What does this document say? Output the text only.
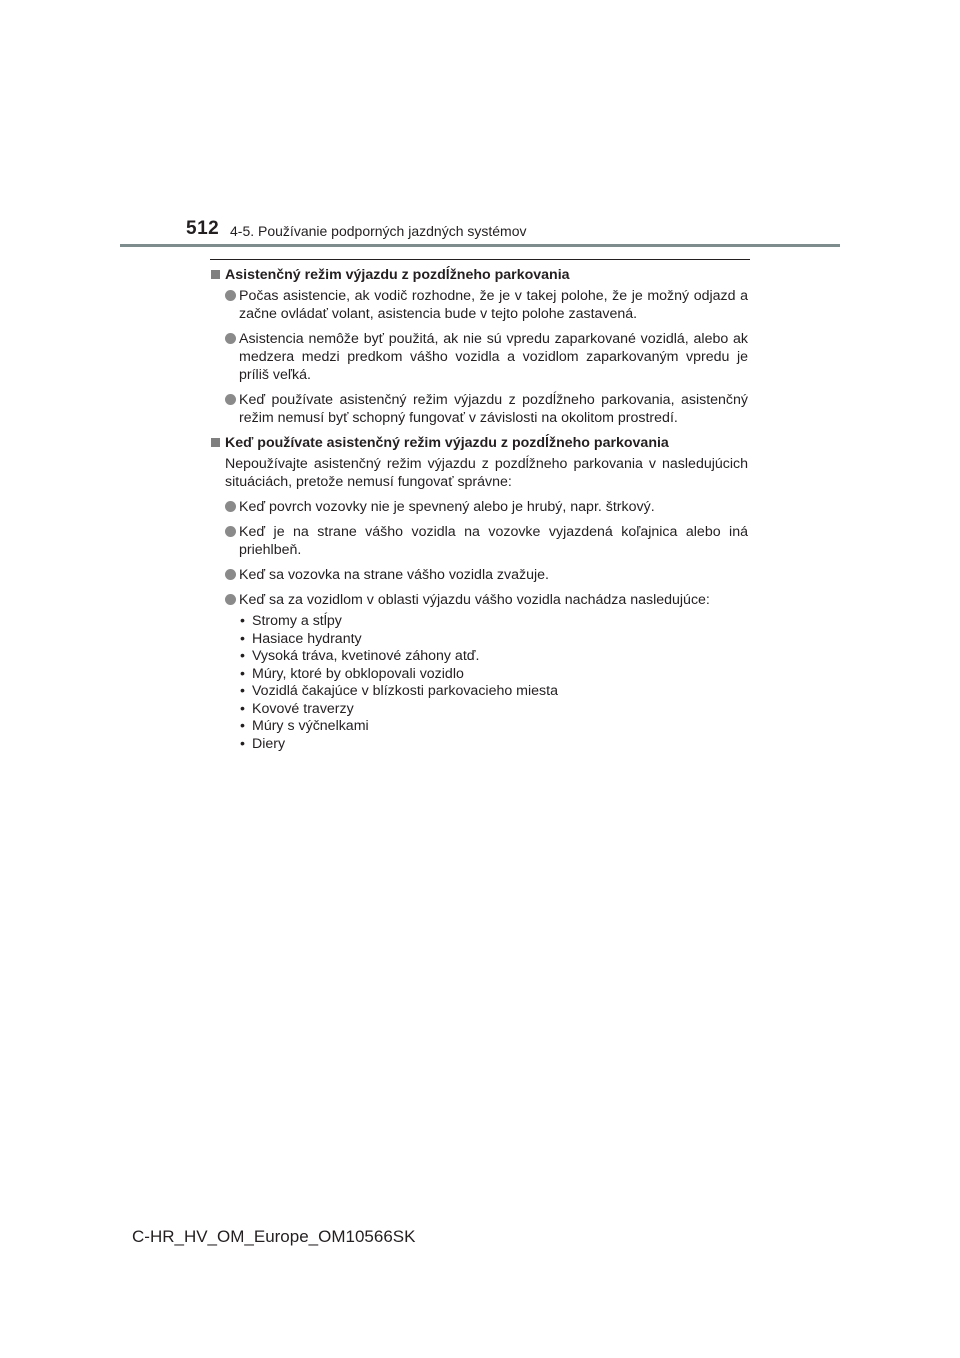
512 4-5. Používanie podporných jazdných systémov
Asistenčný režim výjazdu z pozdĺžneho parkovania
Počas asistencie, ak vodič rozhodne, že je v takej polohe, že je možný odjazd a začne ovládať volant, asistencia bude v tejto polohe zastavená.
Asistencia nemôže byť použitá, ak nie sú vpredu zaparkované vozidlá, alebo ak medzera medzi predkom vášho vozidla a vozidlom zaparkovaným vpredu je príliš veľká.
Keď používate asistenčný režim výjazdu z pozdĺžneho parkovania, asistenčný režim nemusí byť schopný fungovať v závislosti na okolitom prostredí.
Keď používate asistenčný režim výjazdu z pozdĺžneho parkovania
Nepoužívajte asistenčný režim výjazdu z pozdĺžneho parkovania v nasledujúcich situáciách, pretože nemusí fungovať správne:
Keď povrch vozovky nie je spevnený alebo je hrubý, napr. štrkový.
Keď je na strane vášho vozidla na vozovke vyjazdená koľajnica alebo iná priehlbeň.
Keď sa vozovka na strane vášho vozidla zvažuje.
Keď sa za vozidlom v oblasti výjazdu vášho vozidla nachádza nasledujúce:
• Stromy a stĺpy
• Hasiace hydranty
• Vysoká tráva, kvetinové záhony atď.
• Múry, ktoré by obklopovali vozidlo
• Vozidlá čakajúce v blízkosti parkovacieho miesta
• Kovové traverzy
• Múry s výčnelkami
• Diery
C-HR_HV_OM_Europe_OM10566SK
